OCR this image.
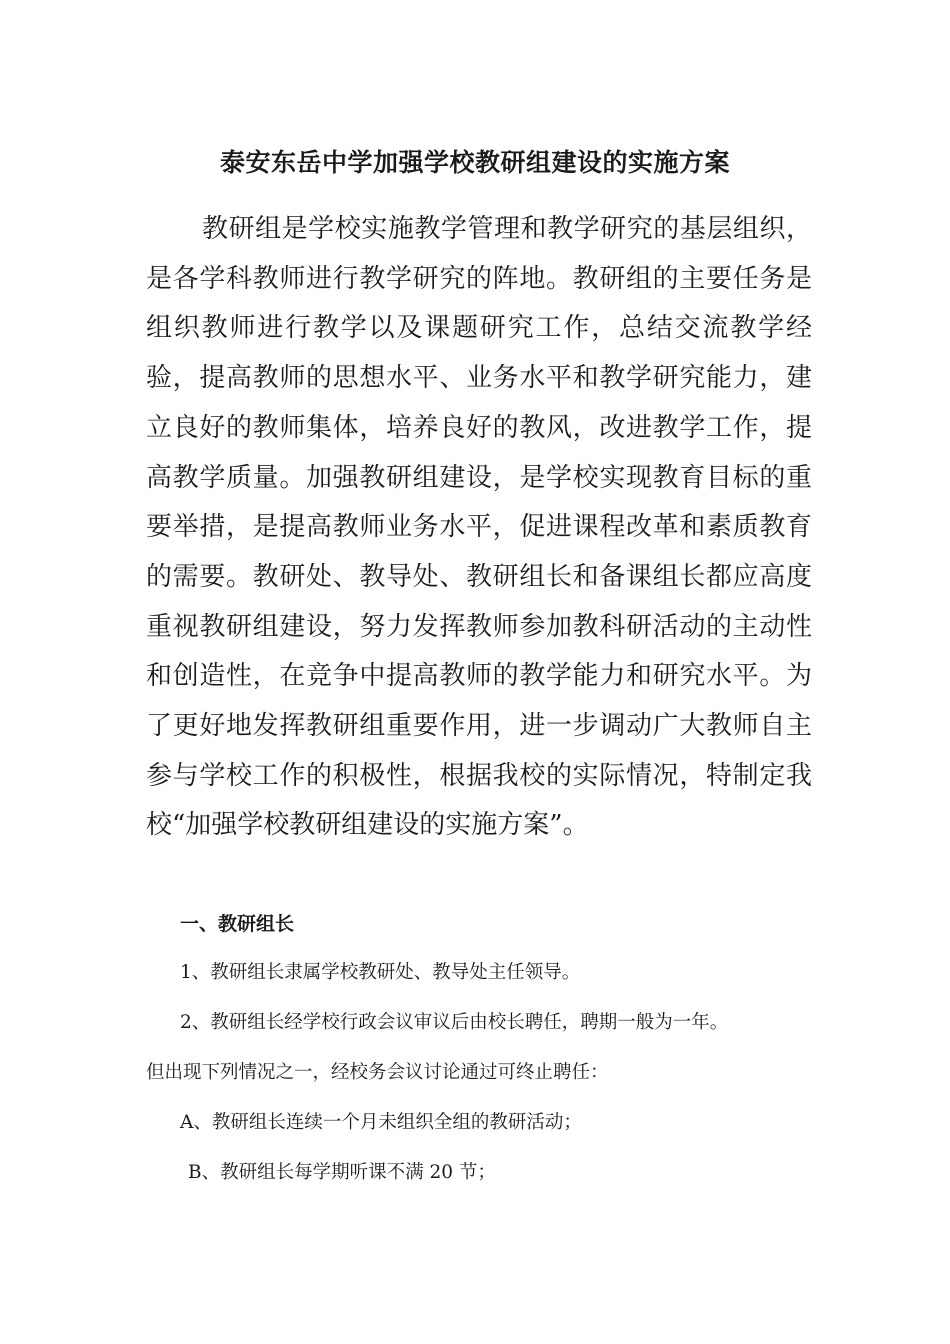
泰安东岳中学加强学校教研组建设的实施方案

教研组是学校实施教学管理和教学研究的基层组织，是各学科教师进行教学研究的阵地。教研组的主要任务是组织教师进行教学以及课题研究工作，总结交流教学经验，提高教师的思想水平、业务水平和教学研究能力，建立良好的教师集体，培养良好的教风，改进教学工作，提高教学质量。加强教研组建设，是学校实现教育目标的重要举措，是提高教师业务水平，促进课程改革和素质教育的需要。教研处、教导处、教研组长和备课组长都应高度重视教研组建设，努力发挥教师参加教科研活动的主动性和创造性，在竞争中提高教师的教学能力和研究水平。为了更好地发挥教研组重要作用，进一步调动广大教师自主参与学校工作的积极性，根据我校的实际情况，特制定我校“加强学校教研组建设的实施方案”。

一、教研组长

1、教研组长隶属学校教研处、教导处主任领导。

2、教研组长经学校行政会议审议后由校长聘任，聘期一般为一年。

但出现下列情况之一，经校务会议讨论通过可终止聘任：

A、教研组长连续一个月未组织全组的教研活动；

B、教研组长每学期听课不满 20 节；
